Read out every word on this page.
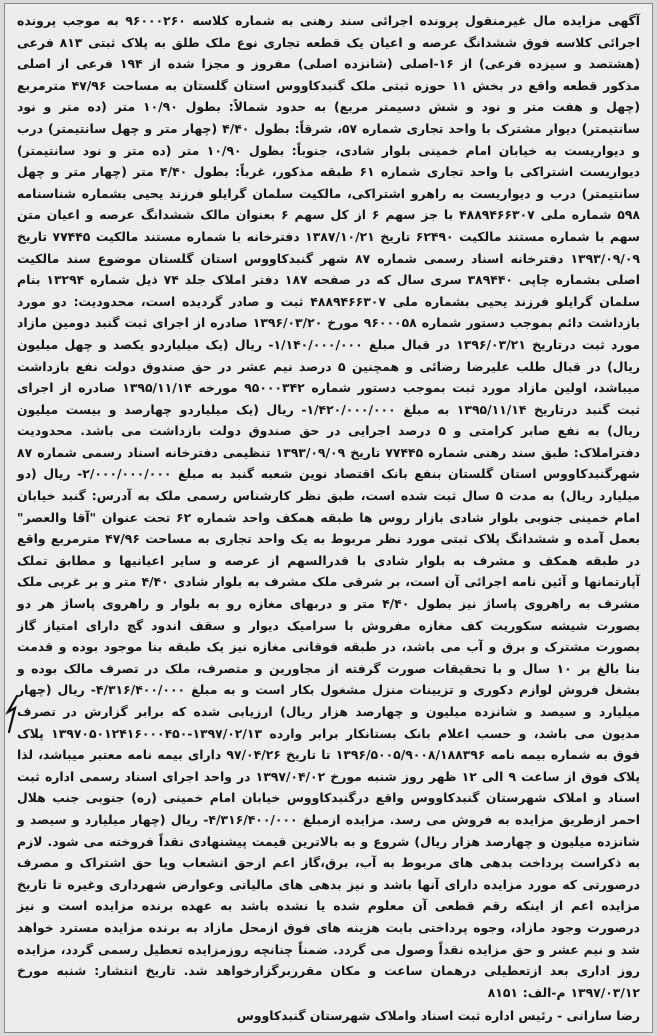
آگهی مزایده مال غیرمنقول پرونده اجرائی سند رهنی به شماره کلاسه ۹۶۰۰۰۲۶۰ به موجب پرونده اجرائی کلاسه فوق ششدانگ عرصه و اعیان یک قطعه تجاری نوع ملک طلق به پلاک ثبتی ۸۱۳ فرعی (هشتصد و سیزده فرعی) از ۱۶-اصلی (شانزده اصلی) مفروز و مجزا شده از ۱۹۴ فرعی از اصلی مذکور قطعه واقع در بخش ۱۱ حوزه ثبتی ملک گنبدکاووس استان گلستان به مساحت ۴۷/۹۶ مترمربع (چهل و هفت متر و نود و شش دسیمتر مربع) به حدود شمالاً: بطول ۱۰/۹۰ متر (ده متر و نود سانتیمتر) دیوار مشترک با واحد تجاری شماره ۵۷، شرقاً: بطول ۴/۴۰ (چهار متر و چهل سانتیمتر) درب و دیواریست به خیابان امام خمینی بلوار شادی، جنوباً: بطول ۱۰/۹۰ متر (ده متر و نود سانتیمتر) دیواریست اشتراکی با واحد تجاری شماره ۶۱ طبقه مذکور، غرباً: بطول ۴/۴۰ متر (چهار متر و چهل سانتیمتر) درب و دیواریست به راهرو اشتراکی، مالکیت سلمان گرایلو فرزند یحیی بشماره شناسنامه ۵۹۸ شماره ملی ۴۸۸۹۴۶۶۳۰۷ با جز سهم ۶ از کل سهم ۶ بعنوان مالک ششدانگ عرصه و اعیان متن سهم با شماره مستند مالکیت ۶۲۴۹۰ تاریخ ۱۳۸۷/۱۰/۲۱ دفترخانه با شماره مستند مالکیت ۷۷۴۴۵ تاریخ ۱۳۹۳/۰۹/۰۹ دفترخانه اسناد رسمی شماره ۸۷ شهر گنبدکاووس استان گلستان موضوع سند مالکیت اصلی بشماره چاپی ۳۸۹۴۴۰ سری سال که در صفحه ۱۸۷ دفتر املاک جلد ۷۴ ذیل شماره ۱۳۲۹۴ بنام سلمان گرایلو فرزند یحیی بشماره ملی ۴۸۸۹۴۶۶۳۰۷ ثبت و صادر گردیده است، محدودیت: دو مورد بازداشت دائم بموجب دستور شماره ۹۶۰۰۰۵۸ مورخ ۱۳۹۶/۰۳/۲۰ صادره از اجرای ثبت گنبد دومین مازاد مورد ثبت درتاریخ ۱۳۹۶/۰۳/۲۱ در قبال مبلغ ۱/۱۴۰/۰۰۰/۰۰۰- ریال (یک میلیاردو یکصد و چهل میلیون ریال) در قبال طلب علیرضا رضائی و همچنین ۵ درصد نیم عشر در حق صندوق دولت نفع بازداشت میباشد، اولین مازاد مورد ثبت بموجب دستور شماره ۹۵۰۰۰۳۴۲ مورخه ۱۳۹۵/۱۱/۱۴ صادره از اجرای ثبت گنبد درتاریخ ۱۳۹۵/۱۱/۱۴ به مبلغ ۱/۴۲۰/۰۰۰/۰۰۰- ریال (یک میلیاردو چهارصد و بیست میلیون ریال) به نفع صابر کرامتی و ۵ درصد اجرایی در حق صندوق دولت بازداشت می باشد. محدودیت دفتراملاک: طبق سند رهنی شماره ۷۷۴۴۵ تاریخ ۱۳۹۳/۰۹/۰۹ تنظیمی دفترخانه اسناد رسمی شماره ۸۷ شهرگنبدکاووس استان گلستان بنفع بانک اقتصاد نوین شعبه گنبد به مبلغ ۲/۰۰۰/۰۰۰/۰۰۰- ریال (دو میلیارد ریال) به مدت ۵ سال ثبت شده است، طبق نظر کارشناس رسمی ملک به آدرس: گنبد خیابان امام خمینی جنوبی بلوار شادی بازار روس ها طبقه همکف واحد شماره ۶۲ تحت عنوان "آقا والعصر" بعمل آمده و ششدانگ پلاک ثبتی مورد نظر مربوط به یک واحد تجاری به مساحت ۴۷/۹۶ مترمربع واقع در طبقه همکف و مشرف به بلوار شادی با قدرالسهم از عرصه و سایر اعیانیها و مطابق تملک آپارتمانها و آئین نامه اجرائی آن است، بر شرقی ملک مشرف به بلوار شادی ۴/۴۰ متر و بر غربی ملک مشرف به راهروی پاساژ نیز بطول ۴/۴۰ متر و دربهای مغازه رو به بلوار و راهروی پاساژ هر دو بصورت شیشه سکوریت کف مغازه مفروش با سرامیک دیوار و سقف اندود گچ دارای امتیاز گاز بصورت مشترک و برق و آب می باشد، در طبقه فوقانی مغازه نیز یک طبقه بنا موجود بوده و قدمت بنا بالغ بر ۱۰ سال و با تحقیقات صورت گرفته از مجاورین و متصرف، ملک در تصرف مالک بوده و بشغل فروش لوازم دکوری و تزیینات منزل مشغول بکار است و به مبلغ ۴/۳۱۶/۴۰۰/۰۰۰- ریال (چهار میلیارد و سیصد و شانزده میلیون و چهارصد هزار ریال) ارزیابی شده که برابر گزارش در تصرف مدیون می باشد، و حسب اعلام بانک بستانکار برابر وارده ۱۳۹۷/۰۲/۱۳-۱۳۹۷۰۵۰۱۲۴۱۶۰۰۰۴۵۰ پلاک فوق به شماره بیمه نامه ۱۳۹۶/۵۰۰۵/۹۰۰۸/۱۸۸۳۹۶ تا تاریخ ۹۷/۰۴/۲۶ دارای بیمه نامه معتبر میباشد، لذا پلاک فوق از ساعت ۹ الی ۱۲ ظهر روز شنبه مورخ ۱۳۹۷/۰۴/۰۲ در واحد اجرای اسناد رسمی اداره ثبت اسناد و املاک شهرستان گنبدکاووس واقع درگنبدکاووس خیابان امام خمینی (ره) جنوبی جنب هلال احمر ازطریق مزایده به فروش می رسد. مزایده ازمبلغ ۴/۳۱۶/۴۰۰/۰۰۰- ریال (چهار میلیارد و سیصد و شانزده میلیون و چهارصد هزار ریال) شروع و به بالاترین قیمت پیشنهادی نقداً فروخته می شود. لازم به ذکراست پرداخت بدهی های مربوط به آب، برق،گاز اعم ازحق انشعاب ویا حق اشتراک و مصرف درصورتی که مورد مزایده دارای آنها باشد و نیز بدهی های مالیاتی وعوارض شهرداری وغیره تا تاریخ مزایده اعم از اینکه رقم قطعی آن معلوم شده یا نشده باشد به عهده برنده مزایده است و نیز درصورت وجود مازاد، وجوه پرداختی بابت هزینه های فوق ازمحل مازاد به برنده مزایده مسترد خواهد شد و نیم عشر و حق مزایده نقداً وصول می گردد. ضمناً چنانچه روزمزایده تعطیل رسمی گردد، مزایده روز اداری بعد ازتعطیلی درهمان ساعت و مکان مقرربرگزارخواهد شد. تاریخ انتشار: شنبه مورخ ۱۳۹۷/۰۳/۱۲ م-الف: ۸۱۵۱

رضا سارانی - رئیس اداره ثبت اسناد واملاک شهرستان گنبدکاووس
